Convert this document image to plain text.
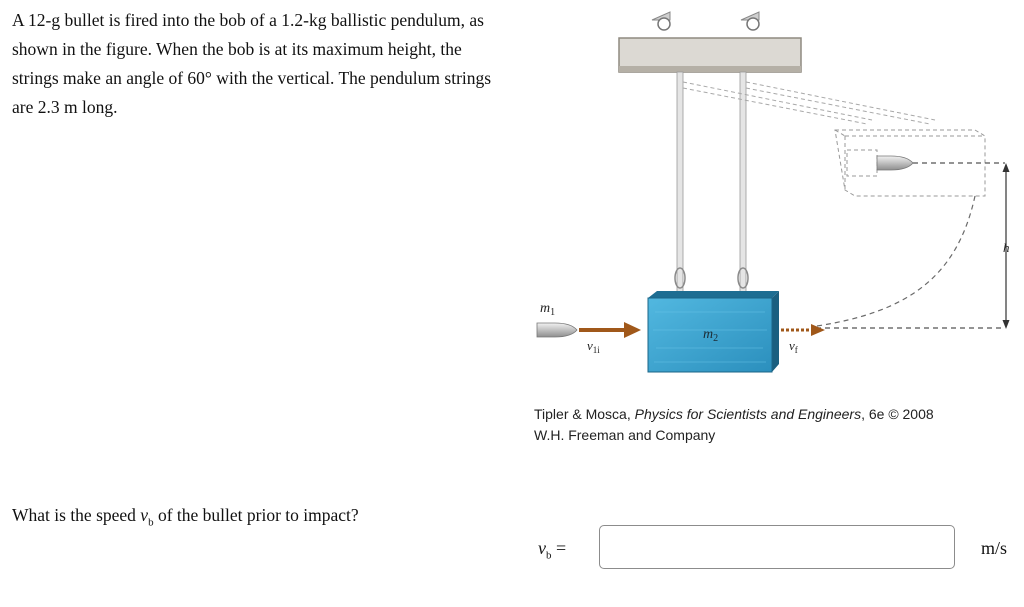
A 12-g bullet is fired into the bob of a 1.2-kg ballistic pendulum, as shown in the figure. When the bob is at its maximum height, the strings make an angle of 60° with the vertical. The pendulum strings are 2.3 m long.

h
$m_2$
$m_1$
$v_{1i}$	$v_f$
Tipler & Mosca, Physics for Scientists and Engineers, 6e © 2008
W.H. Freeman and Company

What is the speed $v_b$ of the bullet prior to impact?

$v_b$ =	m/s
